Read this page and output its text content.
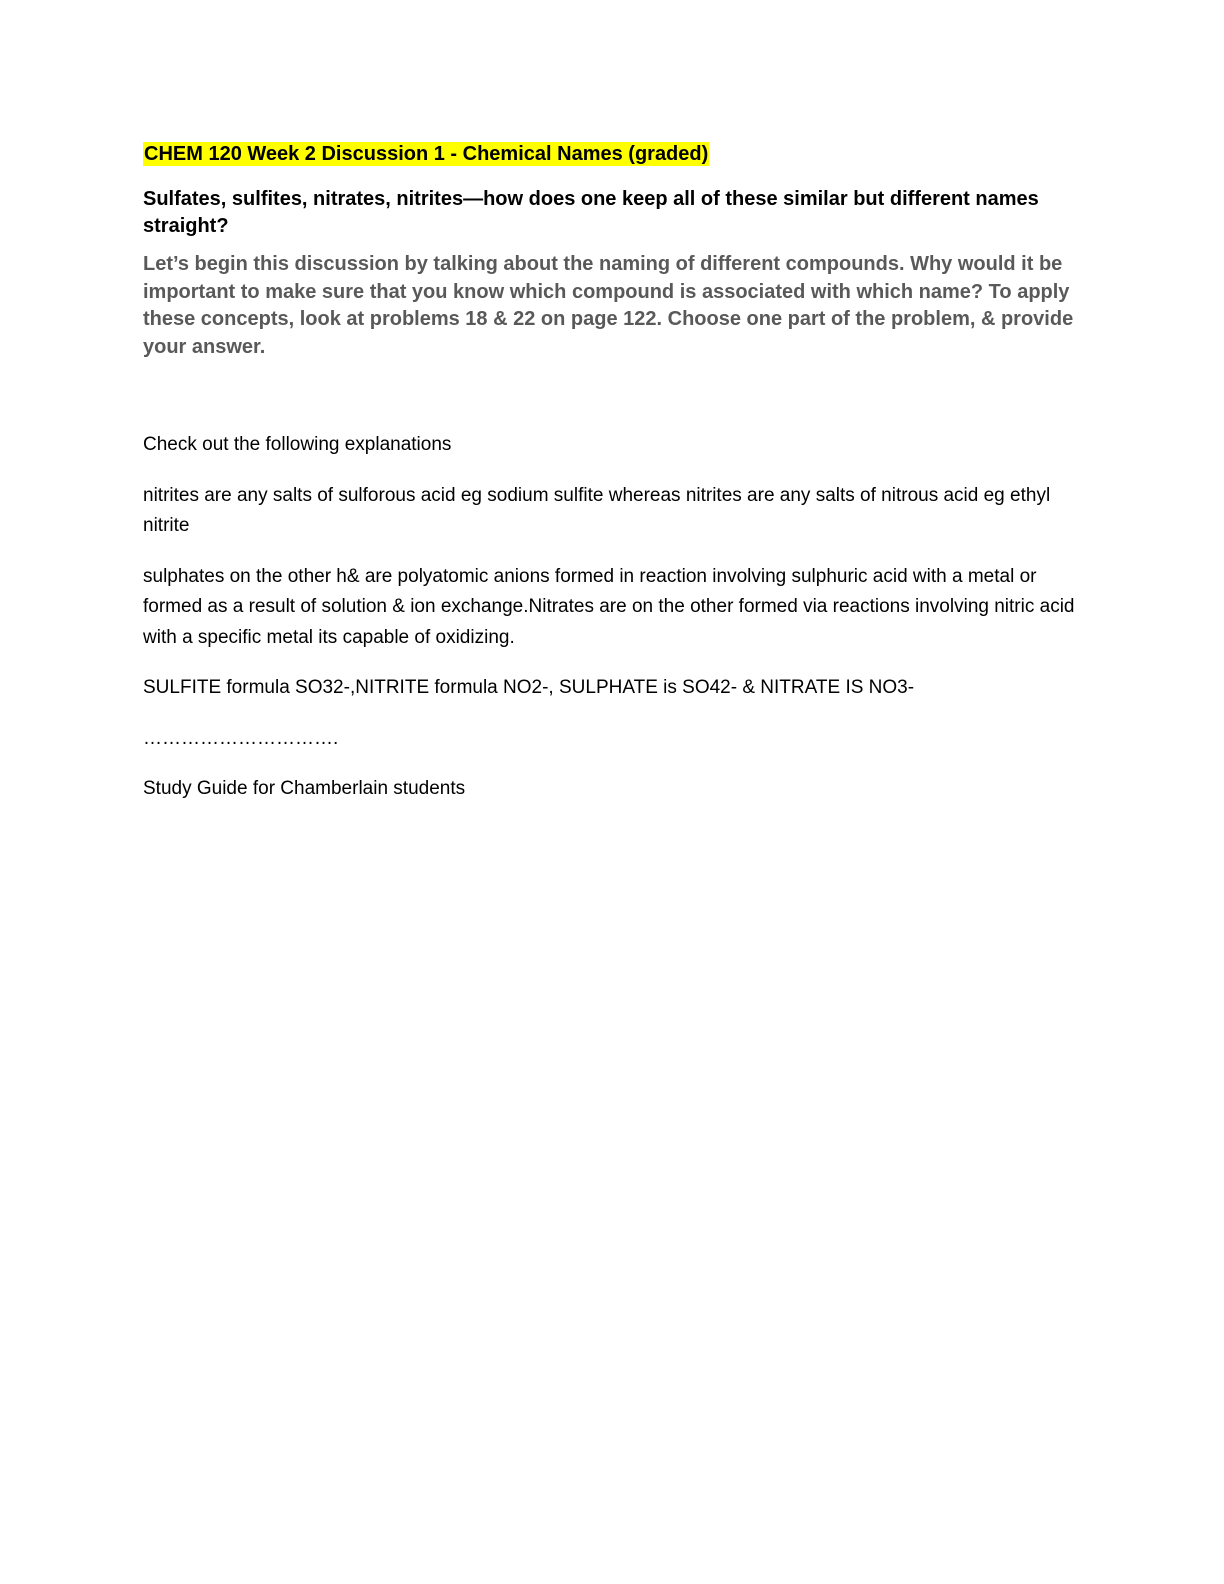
CHEM 120 Week 2 Discussion 1 - Chemical Names (graded)

Sulfates, sulfites, nitrates, nitrites—how does one keep all of these similar but different names straight?

Let’s begin this discussion by talking about the naming of different compounds. Why would it be important to make sure that you know which compound is associated with which name? To apply these concepts, look at problems 18 & 22 on page 122. Choose one part of the problem, & provide your answer.

Check out the following explanations

nitrites are any salts of sulforous acid eg sodium sulfite whereas nitrites are any salts of nitrous acid eg ethyl nitrite

sulphates on the other h& are polyatomic anions formed in reaction involving sulphuric acid with a metal or formed as a result of solution & ion exchange.Nitrates are on the other formed via reactions involving nitric acid with a specific metal its capable of oxidizing.

SULFITE formula SO32-,NITRITE formula NO2-, SULPHATE is SO42- & NITRATE IS NO3-

………………………….

Study Guide for Chamberlain students
